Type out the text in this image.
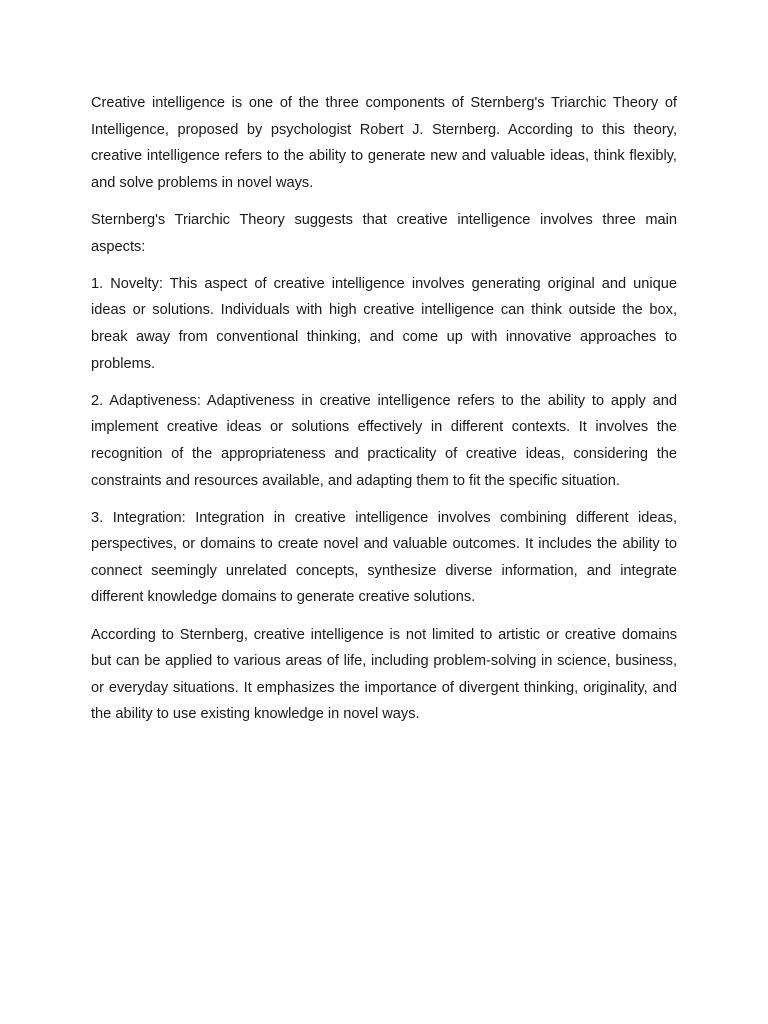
Creative intelligence is one of the three components of Sternberg's Triarchic Theory of Intelligence, proposed by psychologist Robert J. Sternberg. According to this theory, creative intelligence refers to the ability to generate new and valuable ideas, think flexibly, and solve problems in novel ways.

Sternberg's Triarchic Theory suggests that creative intelligence involves three main aspects:

1. Novelty: This aspect of creative intelligence involves generating original and unique ideas or solutions. Individuals with high creative intelligence can think outside the box, break away from conventional thinking, and come up with innovative approaches to problems.

2. Adaptiveness: Adaptiveness in creative intelligence refers to the ability to apply and implement creative ideas or solutions effectively in different contexts. It involves the recognition of the appropriateness and practicality of creative ideas, considering the constraints and resources available, and adapting them to fit the specific situation.

3. Integration: Integration in creative intelligence involves combining different ideas, perspectives, or domains to create novel and valuable outcomes. It includes the ability to connect seemingly unrelated concepts, synthesize diverse information, and integrate different knowledge domains to generate creative solutions.

According to Sternberg, creative intelligence is not limited to artistic or creative domains but can be applied to various areas of life, including problem-solving in science, business, or everyday situations. It emphasizes the importance of divergent thinking, originality, and the ability to use existing knowledge in novel ways.
